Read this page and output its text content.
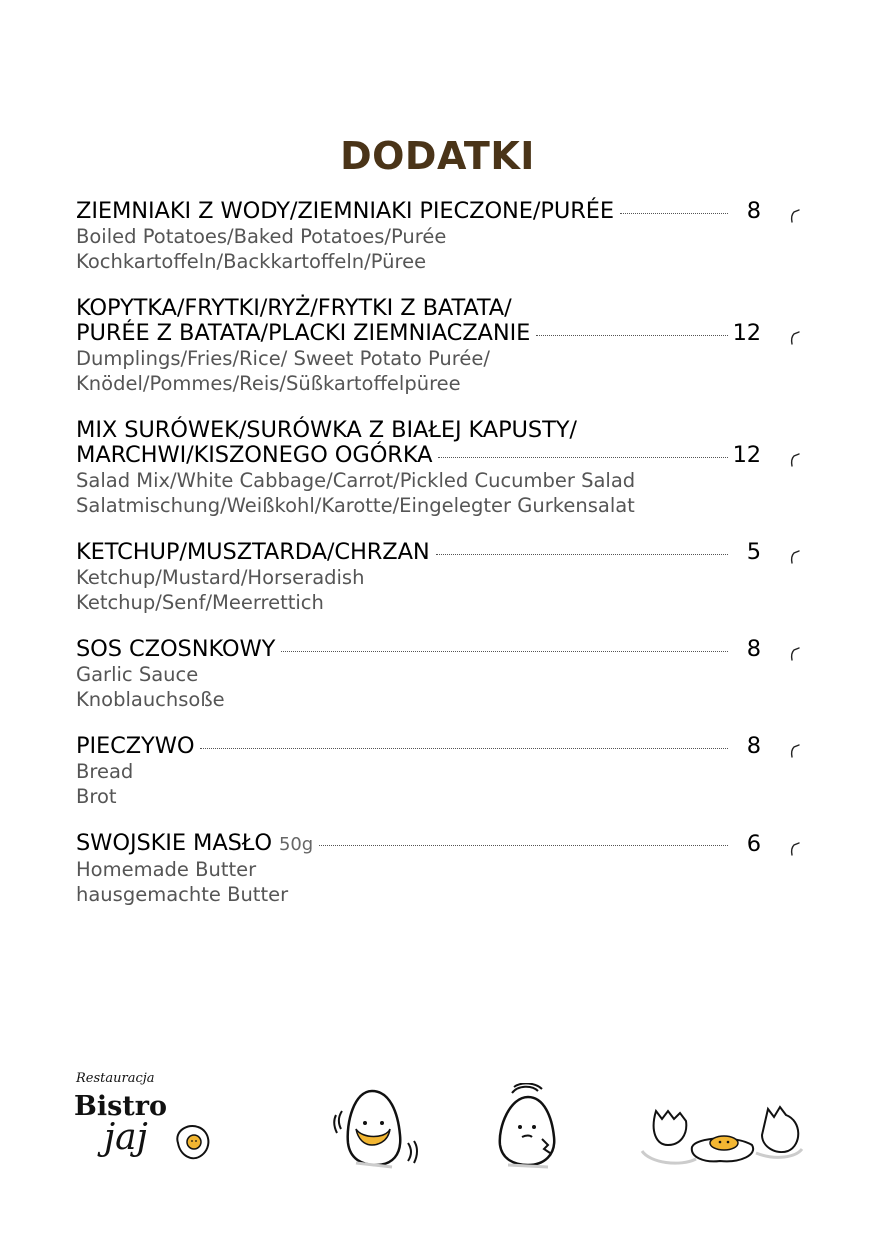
DODATKI
ZIEMNIAKI Z WODY/ZIEMNIAKI PIECZONE/PURÉE	8
Boiled Potatoes/Baked Potatoes/Purée
Kochkartoffeln/Backkartoffeln/Püree
KOPYTKA/FRYTKI/RYŻ/FRYTKI Z BATATA/
PURÉE Z BATATA/PLACKI ZIEMNIACZANIE	12
Dumplings/Fries/Rice/ Sweet Potato Purée/
Knödel/Pommes/Reis/Süßkartoffelpüree
MIX SURÓWEK/SURÓWKA Z BIAŁEJ KAPUSTY/
MARCHWI/KISZONEGO OGÓRKA	12
Salad Mix/White Cabbage/Carrot/Pickled Cucumber Salad
Salatmischung/Weißkohl/Karotte/Eingelegter Gurkensalat
KETCHUP/MUSZTARDA/CHRZAN	5
Ketchup/Mustard/Horseradish
Ketchup/Senf/Meerrettich
SOS CZOSNKOWY	8
Garlic Sauce
Knoblauchsoße
PIECZYWO	8
Bread
Brot
SWOJSKIE MASŁO 50g	6
Homemade Butter
hausgemachte Butter
Restauracja
Bistro
jaj
